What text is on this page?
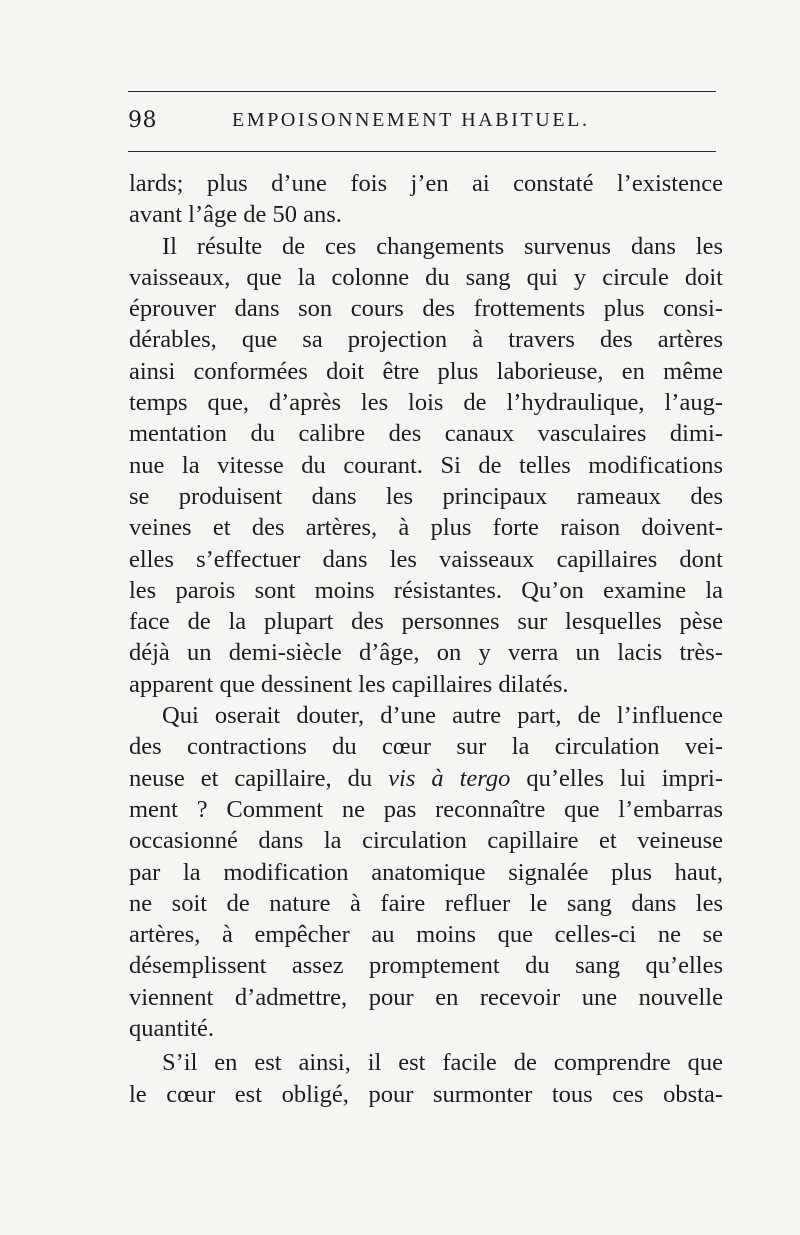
98	EMPOISONNEMENT HABITUEL.
lards; plus d’une fois j’en ai constaté l’existence
avant l’âge de 50 ans.
Il résulte de ces changements survenus dans les
vaisseaux, que la colonne du sang qui y circule doit
éprouver dans son cours des frottements plus consi-
dérables, que sa projection à travers des artères
ainsi conformées doit être plus laborieuse, en même
temps que, d’après les lois de l’hydraulique, l’aug-
mentation du calibre des canaux vasculaires dimi-
nue la vitesse du courant. Si de telles modifications
se produisent dans les principaux rameaux des
veines et des artères, à plus forte raison doivent-
elles s’effectuer dans les vaisseaux capillaires dont
les parois sont moins résistantes. Qu’on examine la
face de la plupart des personnes sur lesquelles pèse
déjà un demi-siècle d’âge, on y verra un lacis très-
apparent que dessinent les capillaires dilatés.
Qui oserait douter, d’une autre part, de l’influence
des contractions du cœur sur la circulation vei-
neuse et capillaire, du vis à tergo qu’elles lui impri-
ment ? Comment ne pas reconnaître que l’embarras
occasionné dans la circulation capillaire et veineuse
par la modification anatomique signalée plus haut,
ne soit de nature à faire refluer le sang dans les
artères, à empêcher au moins que celles-ci ne se
désemplissent assez promptement du sang qu’elles
viennent d’admettre, pour en recevoir une nouvelle
quantité.
S’il en est ainsi, il est facile de comprendre que
le cœur est obligé, pour surmonter tous ces obsta-
